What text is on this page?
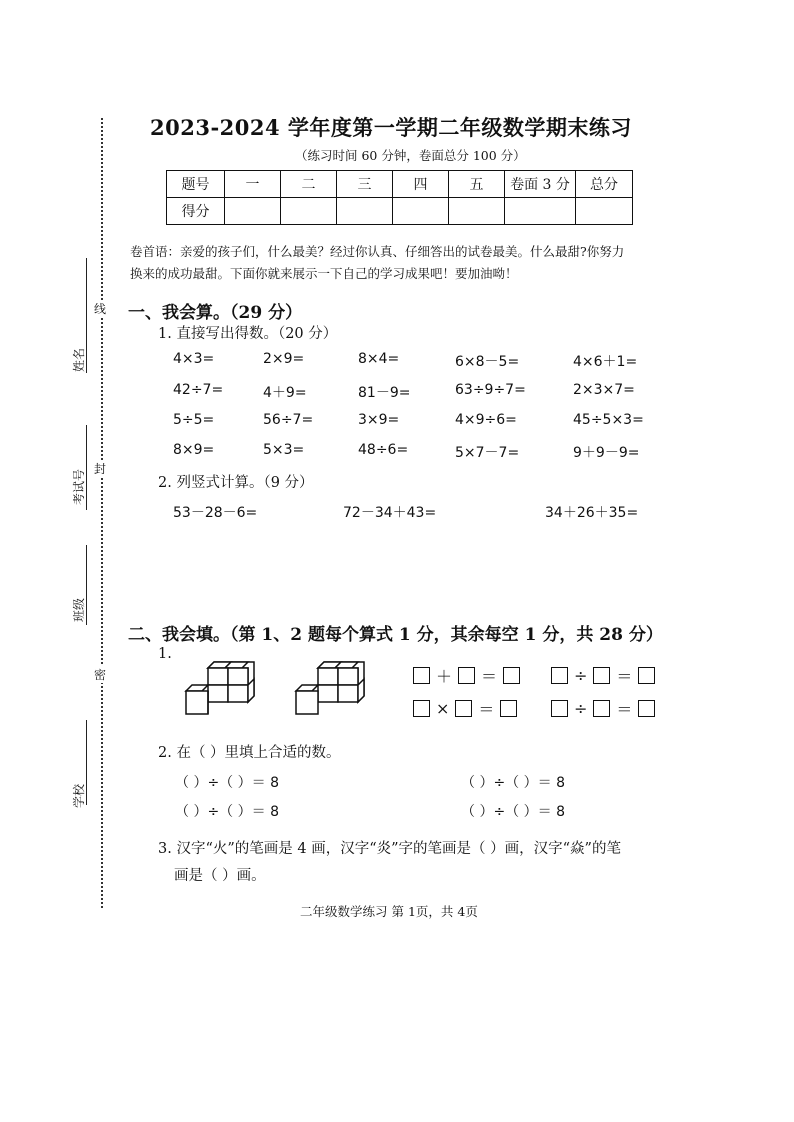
姓名
考试号
班级
学校
线
封
密
2023-2024 学年度第一学期二年级数学期末练习
（练习时间 60 分钟，卷面总分 100 分）
题号	一	二	三	四	五	卷面 3 分	总分
得分							
卷首语：亲爱的孩子们，什么最美？经过你认真、仔细答出的试卷最美。什么最甜?你努力
换来的成功最甜。下面你就来展示一下自己的学习成果吧！要加油呦！
一、我会算。（29 分）
1. 直接写出得数。（20 分）
4×3=	2×9=	8×4=	6×8－5=	4×6＋1=
42÷7=	4＋9=	81－9=	63÷9÷7=	2×3×7=
5÷5=	56÷7=	3×9=	4×9÷6=	45÷5×3=
8×9=	5×3=	48÷6=	5×7－7=	9＋9－9=
2. 列竖式计算。（9 分）
53－28－6=	72－34＋43=	34＋26＋35=
二、我会填。（第 1、2 题每个算式 1 分，其余每空 1 分，共 28 分）
1.
＋ ＝	÷ ＝
× ＝	÷ ＝
2. 在（ ）里填上合适的数。
（ ）÷（ ）＝ 8	（ ）÷（ ）＝ 8
（ ）÷（ ）＝ 8	（ ）÷（ ）＝ 8
3. 汉字“火”的笔画是 4 画，汉字“炎”字的笔画是（ ）画，汉字“焱”的笔
画是（ ）画。
二年级数学练习 第 1页，共 4页
